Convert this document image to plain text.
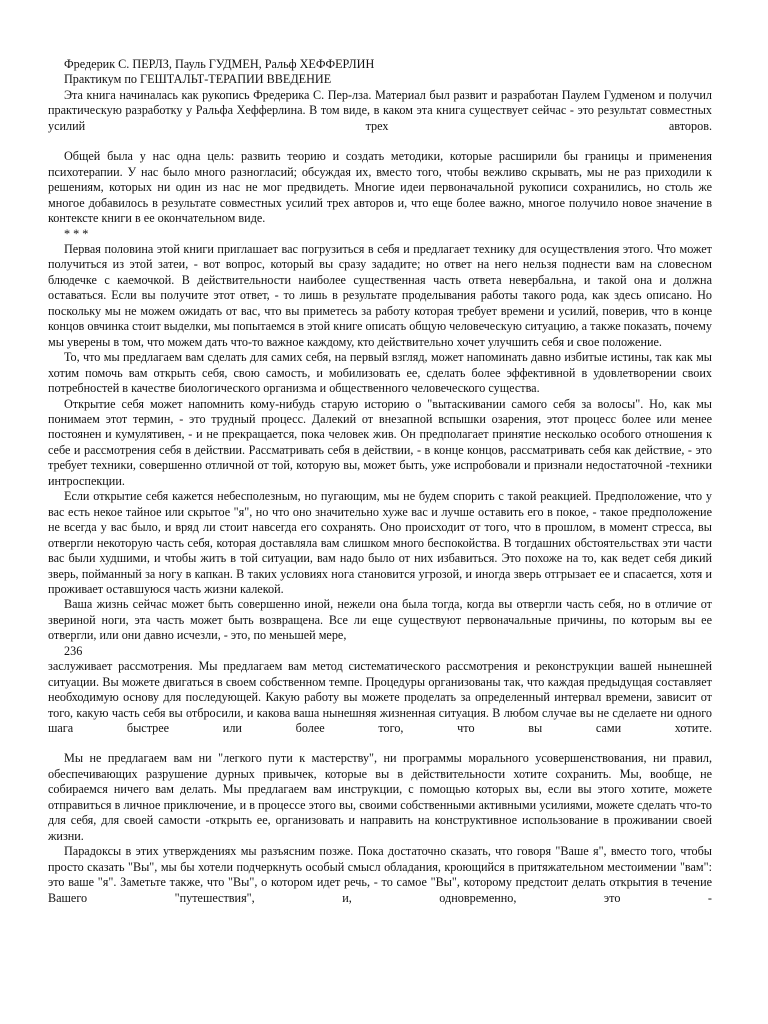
Фредерик С. ПЕРЛЗ, Пауль ГУДМЕН, Ральф ХЕФФЕРЛИН

Практикум по ГЕШТАЛЬТ-ТЕРАПИИ ВВЕДЕНИЕ

Эта книга начиналась как рукопись Фредерика С. Пер-лза. Материал был развит и разработан Паулем Гудменом и получил практическую разработку у Ральфа Хефферлина. В том виде, в каком эта книга существует сейчас - это результат совместных усилий трех авторов.

Общей была у нас одна цель: развить теорию и создать методики, которые расширили бы границы и применения психотерапии. У нас было много разногласий; обсуждая их, вместо того, чтобы вежливо скрывать, мы не раз приходили к решениям, которых ни один из нас не мог предвидеть. Многие идеи первоначальной рукописи сохранились, но столь же многое добавилось в результате совместных усилий трех авторов и, что еще более важно, многое получило новое значение в контексте книги в ее окончательном виде.

* * *

Первая половина этой книги приглашает вас погрузиться в себя и предлагает технику для осуществления этого. Что может получиться из этой затеи, - вот вопрос, который вы сразу зададите; но ответ на него нельзя поднести вам на словесном блюдечке с каемочкой. В действительности наиболее существенная часть ответа невербальна, и такой она и должна оставаться. Если вы получите этот ответ, - то лишь в результате проделывания работы такого рода, как здесь описано. Но поскольку мы не можем ожидать от вас, что вы приметесь за работу которая требует времени и усилий, поверив, что в конце концов овчинка стоит выделки, мы попытаемся в этой книге описать общую человеческую ситуацию, а также показать, почему мы уверены в том, что можем дать что-то важное каждому, кто действительно хочет улучшить себя и свое положение.

То, что мы предлагаем вам сделать для самих себя, на первый взгляд, может напоминать давно избитые истины, так как мы хотим помочь вам открыть себя, свою самость, и мобилизовать ее, сделать более эффективной в удовлетворении своих потребностей в качестве биологического организма и общественного человеческого существа.

Открытие себя может напомнить кому-нибудь старую историю о "вытаскивании самого себя за волосы". Но, как мы понимаем этот термин, - это трудный процесс. Далекий от внезапной вспышки озарения, этот процесс более или менее постоянен и кумулятивен, - и не прекращается, пока человек жив. Он предполагает принятие несколько особого отношения к себе и рассмотрения себя в действии. Рассматривать себя в действии, - в конце концов, рассматривать себя как действие, - это требует техники, совершенно отличной от той, которую вы, может быть, уже испробовали и признали недостаточной -техники интроспекции.

Если открытие себя кажется небесполезным, но пугающим, мы не будем спорить с такой реакцией. Предположение, что у вас есть некое тайное или скрытое "я", но что оно значительно хуже вас и лучше оставить его в покое, - такое предположение не всегда у вас было, и вряд ли стоит навсегда его сохранять. Оно происходит от того, что в прошлом, в момент стресса, вы отвергли некоторую часть себя, которая доставляла вам слишком много беспокойства. В тогдашних обстоятельствах эти части вас были худшими, и чтобы жить в той ситуации, вам надо было от них избавиться. Это похоже на то, как ведет себя дикий зверь, пойманный за ногу в капкан. В таких условиях нога становится угрозой, и иногда зверь отгрызает ее и спасается, хотя и проживает оставшуюся часть жизни калекой.

Ваша жизнь сейчас может быть совершенно иной, нежели она была тогда, когда вы отвергли часть себя, но в отличие от звериной ноги, эта часть может быть возвращена. Все ли еще существуют первоначальные причины, по которым вы ее отвергли, или они давно исчезли, - это, по меньшей мере,

236

заслуживает рассмотрения. Мы предлагаем вам метод систематического рассмотрения и реконструкции вашей нынешней ситуации. Вы можете двигаться в своем собственном темпе. Процедуры организованы так, что каждая предыдущая составляет необходимую основу для последующей. Какую работу вы можете проделать за определенный интервал времени, зависит от того, какую часть себя вы отбросили, и какова ваша нынешняя жизненная ситуация. В любом случае вы не сделаете ни одного шага быстрее или более того, что вы сами хотите.

Мы не предлагаем вам ни "легкого пути к мастерству", ни программы морального усовершенствования, ни правил, обеспечивающих разрушение дурных привычек, которые вы в действительности хотите сохранить. Мы, вообще, не собираемся ничего вам делать. Мы предлагаем вам инструкции, с помощью которых вы, если вы этого хотите, можете отправиться в личное приключение, и в процессе этого вы, своими собственными активными усилиями, можете сделать что-то для себя, для своей самости -открыть ее, организовать и направить на конструктивное использование в проживании своей жизни.

Парадоксы в этих утверждениях мы разъясним позже. Пока достаточно сказать, что говоря "Ваше я", вместо того, чтобы просто сказать "Вы", мы бы хотели подчеркнуть особый смысл обладания, кроющийся в притяжательном местоимении "вам": это ваше "я". Заметьте также, что "Вы", о котором идет речь, - то самое "Вы", которому предстоит делать открытия в течение Вашего "путешествия", и, одновременно, это -
